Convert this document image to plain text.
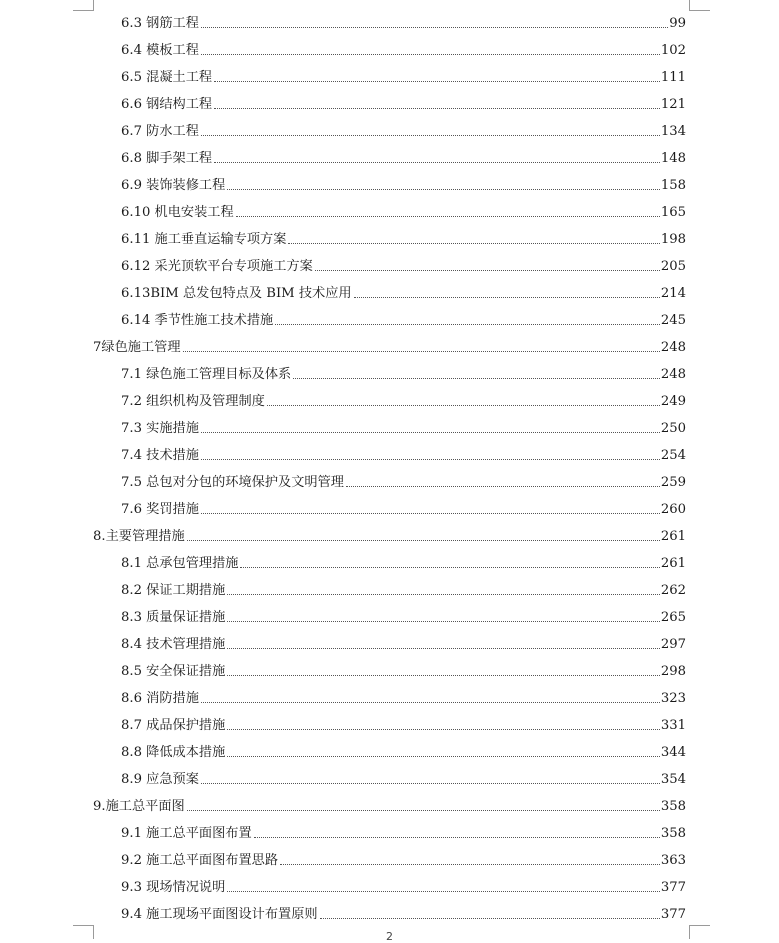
6.3 钢筋工程	99
6.4 模板工程	102
6.5 混凝土工程	111
6.6 钢结构工程	121
6.7 防水工程	134
6.8 脚手架工程	148
6.9 装饰装修工程	158
6.10 机电安装工程	165
6.11 施工垂直运输专项方案	198
6.12 采光顶软平台专项施工方案	205
6.13BIM 总发包特点及 BIM 技术应用	214
6.14 季节性施工技术措施	245
7绿色施工管理	248
7.1 绿色施工管理目标及体系	248
7.2 组织机构及管理制度	249
7.3 实施措施	250
7.4 技术措施	254
7.5 总包对分包的环境保护及文明管理	259
7.6 奖罚措施	260
8.主要管理措施	261
8.1 总承包管理措施	261
8.2 保证工期措施	262
8.3 质量保证措施	265
8.4 技术管理措施	297
8.5 安全保证措施	298
8.6 消防措施	323
8.7 成品保护措施	331
8.8 降低成本措施	344
8.9 应急预案	354
9.施工总平面图	358
9.1 施工总平面图布置	358
9.2 施工总平面图布置思路	363
9.3 现场情况说明	377
9.4 施工现场平面图设计布置原则	377
2
